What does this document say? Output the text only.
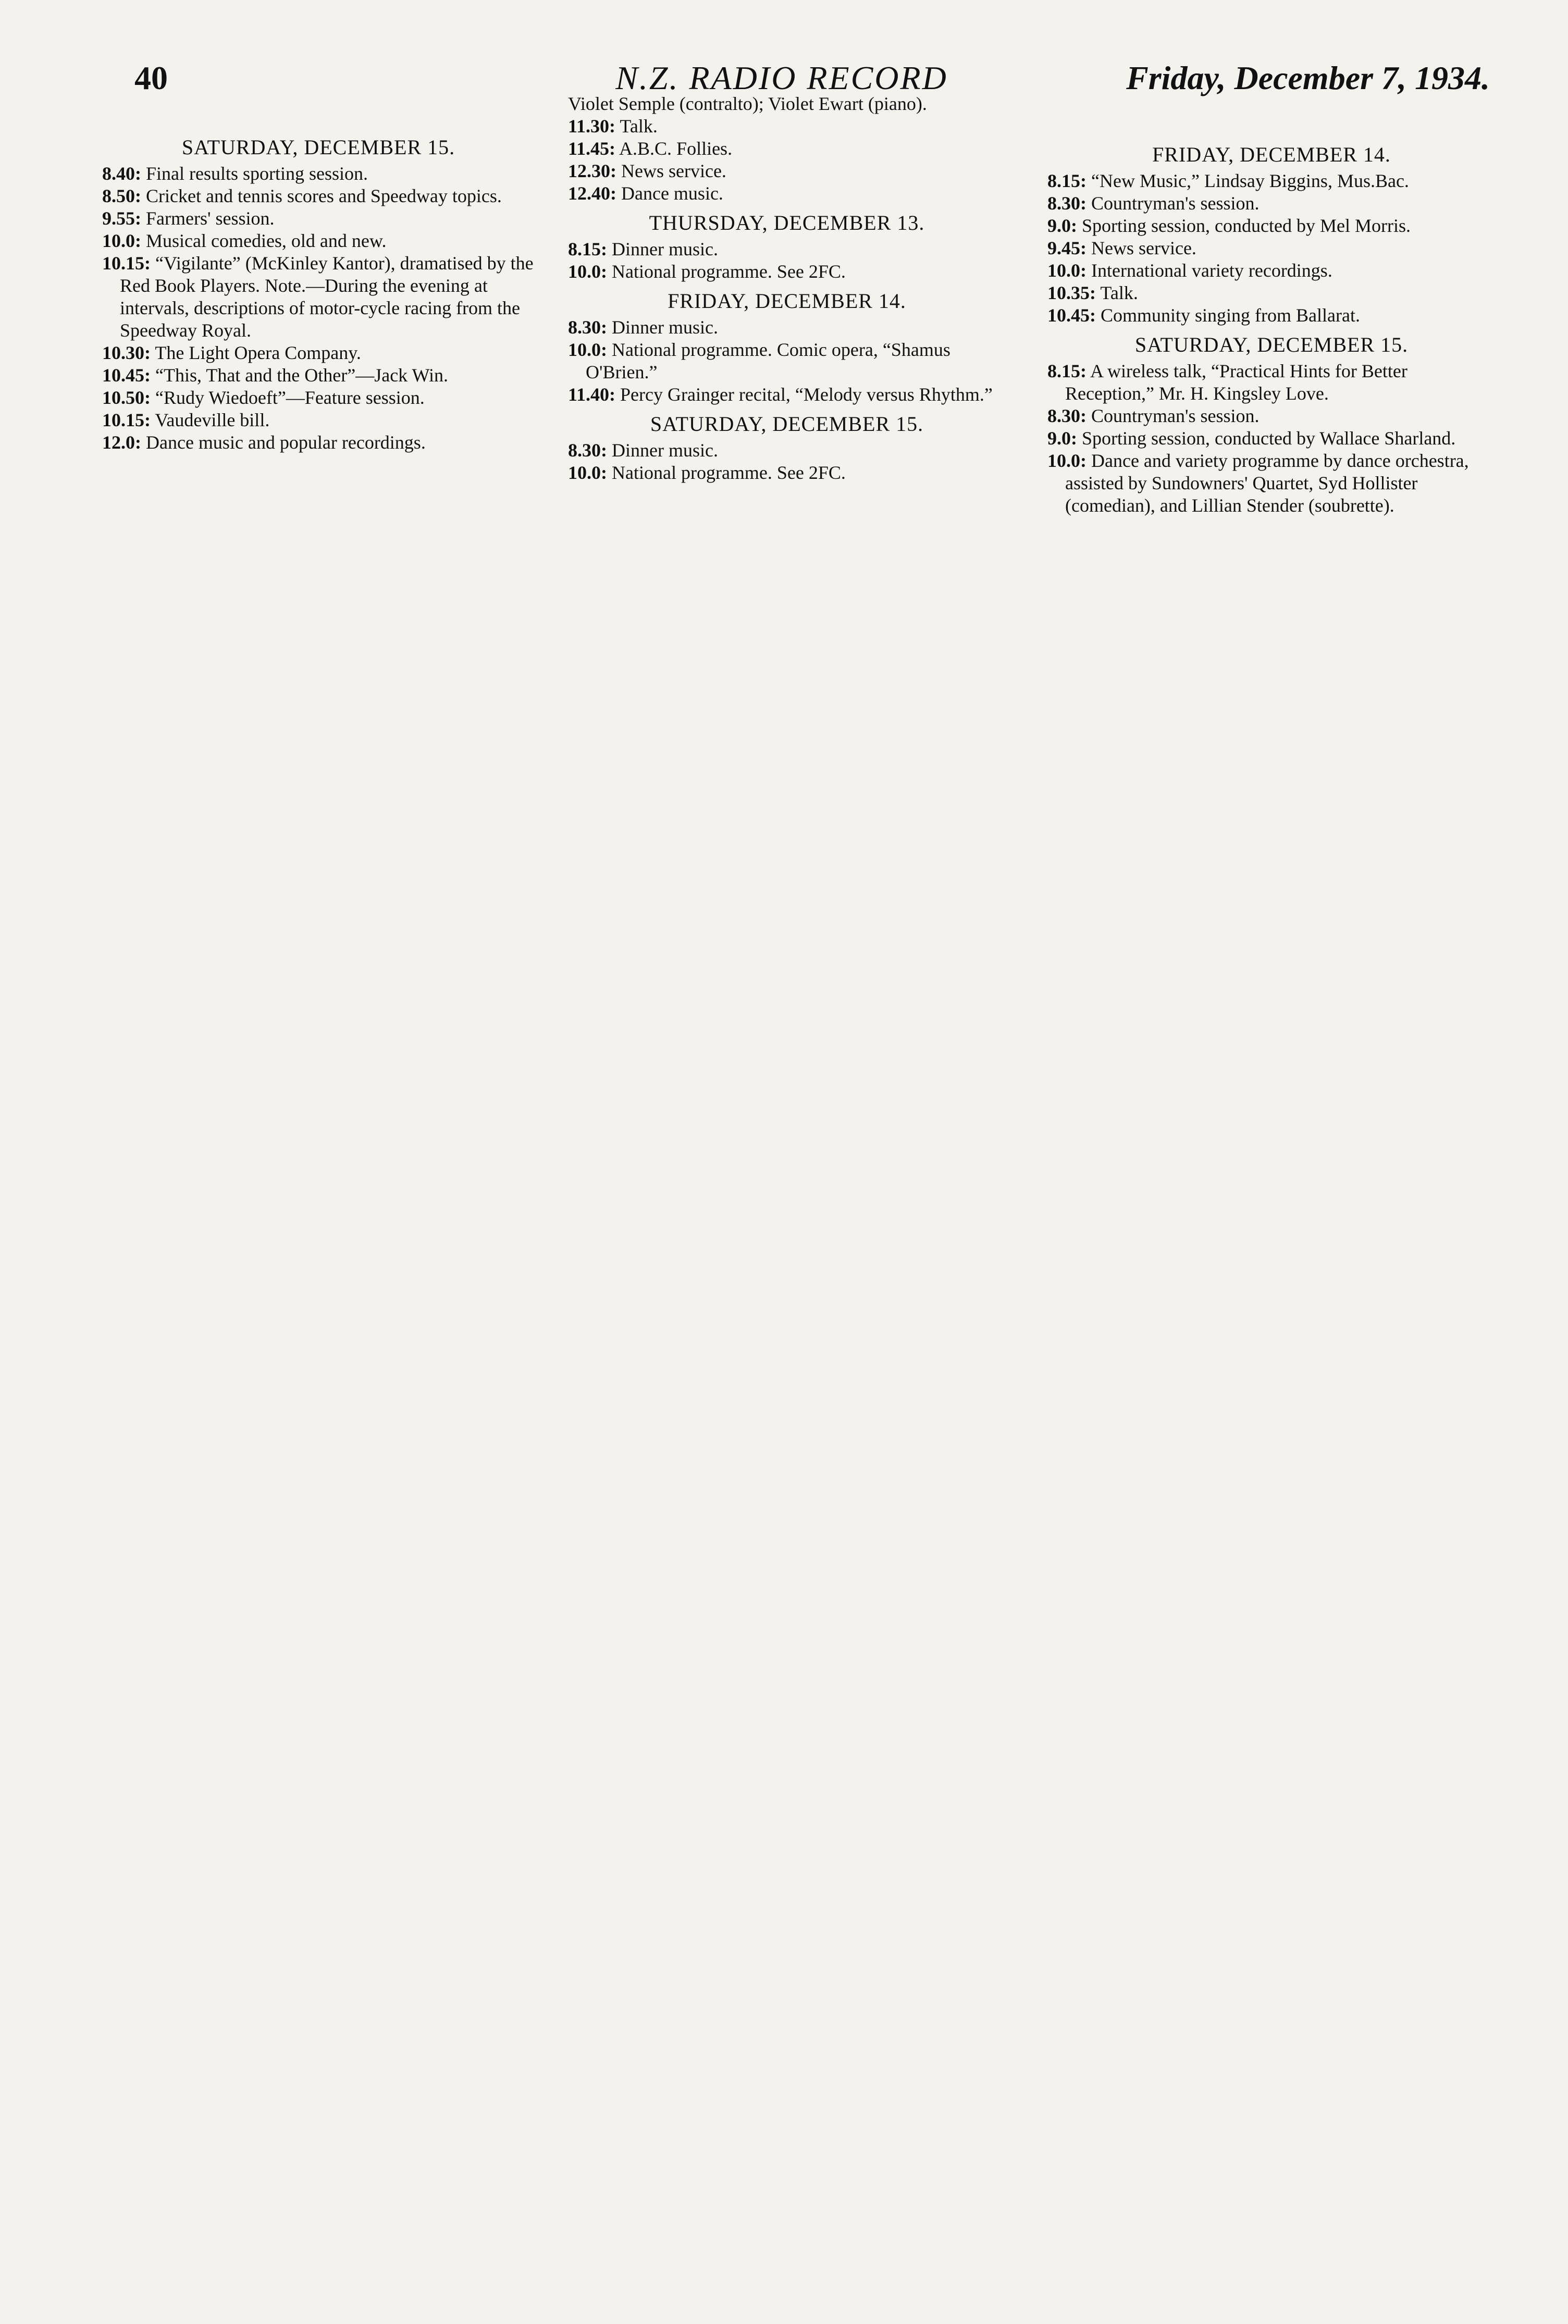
40	N.Z. RADIO RECORD	Friday, December 7, 1934.
SATURDAY, DECEMBER 15.

8.40: Final results sporting session.

8.50: Cricket and tennis scores and Speedway topics.

9.55: Farmers' session.

10.0: Musical comedies, old and new.

10.15: “Vigilante” (McKinley Kantor), dramatised by the Red Book Players. Note.—During the evening at intervals, descriptions of motor-cycle racing from the Speedway Royal.

10.30: The Light Opera Company.

10.45: “This, That and the Other”—Jack Win.

10.50: “Rudy Wiedoeft”—Feature session.

10.15: Vaudeville bill.

12.0: Dance music and popular recordings.

Violet Semple (contralto); Violet Ewart (piano).

11.30: Talk.

11.45: A.B.C. Follies.

12.30: News service.

12.40: Dance music.

THURSDAY, DECEMBER 13.

8.15: Dinner music.

10.0: National programme. See 2FC.

FRIDAY, DECEMBER 14.

8.30: Dinner music.

10.0: National programme. Comic opera, “Shamus O'Brien.”

11.40: Percy Grainger recital, “Melody versus Rhythm.”

SATURDAY, DECEMBER 15.

8.30: Dinner music.

10.0: National programme. See 2FC.

FRIDAY, DECEMBER 14.

8.15: “New Music,” Lindsay Biggins, Mus.Bac.

8.30: Countryman's session.

9.0: Sporting session, conducted by Mel Morris.

9.45: News service.

10.0: International variety recordings.

10.35: Talk.

10.45: Community singing from Ballarat.

SATURDAY, DECEMBER 15.

8.15: A wireless talk, “Practical Hints for Better Reception,” Mr. H. Kingsley Love.

8.30: Countryman's session.

9.0: Sporting session, conducted by Wallace Sharland.

10.0: Dance and variety programme by dance orchestra, assisted by Sundowners' Quartet, Syd Hollister (comedian), and Lillian Stender (soubrette).
